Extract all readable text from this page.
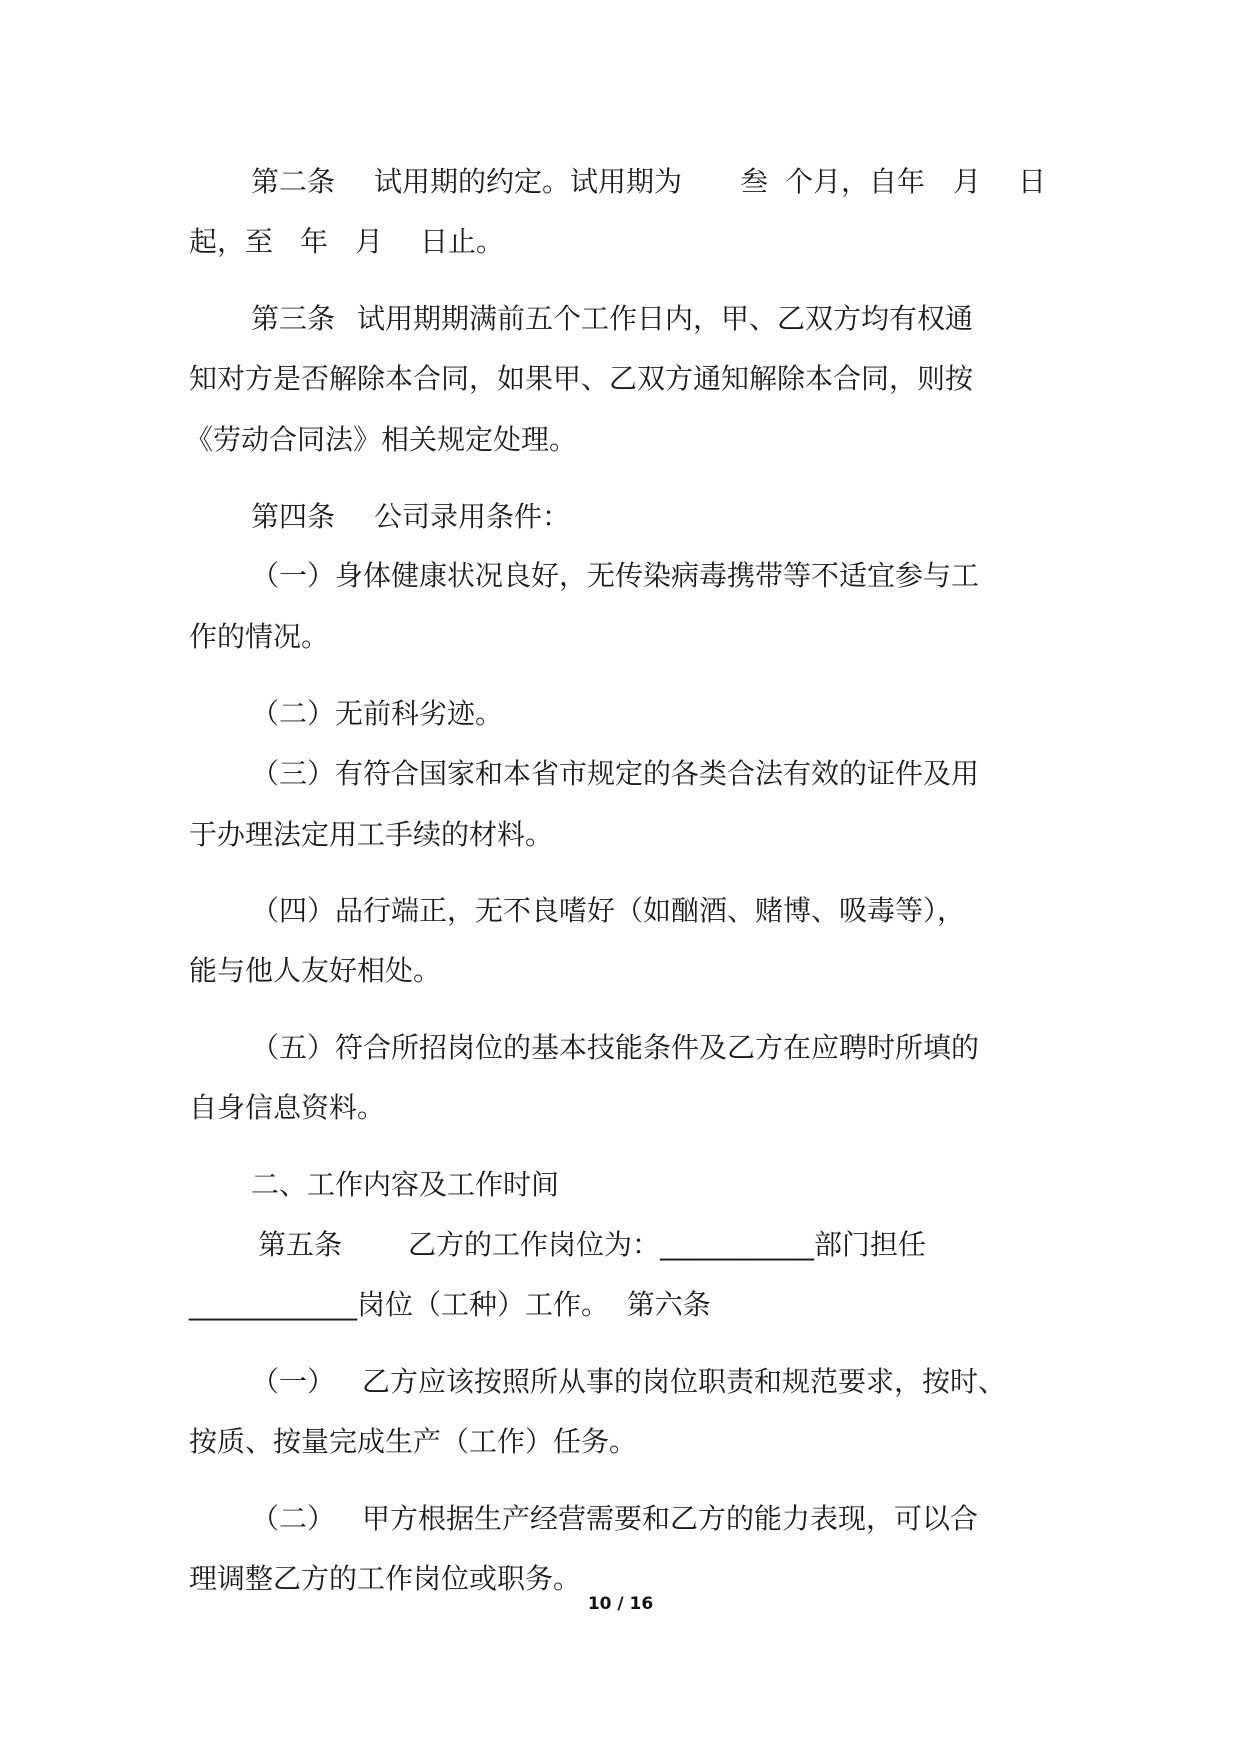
第二条 试用期的约定。试用期为 叁 个月，自年 月 日

起，至 年 月 日止。

第三条 试用期期满前五个工作日内，甲、乙双方均有权通

知对方是否解除本合同，如果甲、乙双方通知解除本合同，则按

《劳动合同法》相关规定处理。

第四条 公司录用条件：

（一）身体健康状况良好，无传染病毒携带等不适宜参与工

作的情况。

（二）无前科劣迹。

（三）有符合国家和本省市规定的各类合法有效的证件及用

于办理法定用工手续的材料。

（四）品行端正，无不良嗜好（如酗酒、赌博、吸毒等），

能与他人友好相处。

（五）符合所招岗位的基本技能条件及乙方在应聘时所填的

自身信息资料。

二、工作内容及工作时间

第五条 乙方的工作岗位为：___________部门担任

____________岗位（工种）工作。  第六条

（一） 乙方应该按照所从事的岗位职责和规范要求，按时、

按质、按量完成生产（工作）任务。

（二） 甲方根据生产经营需要和乙方的能力表现，可以合

理调整乙方的工作岗位或职务。

10 / 16
